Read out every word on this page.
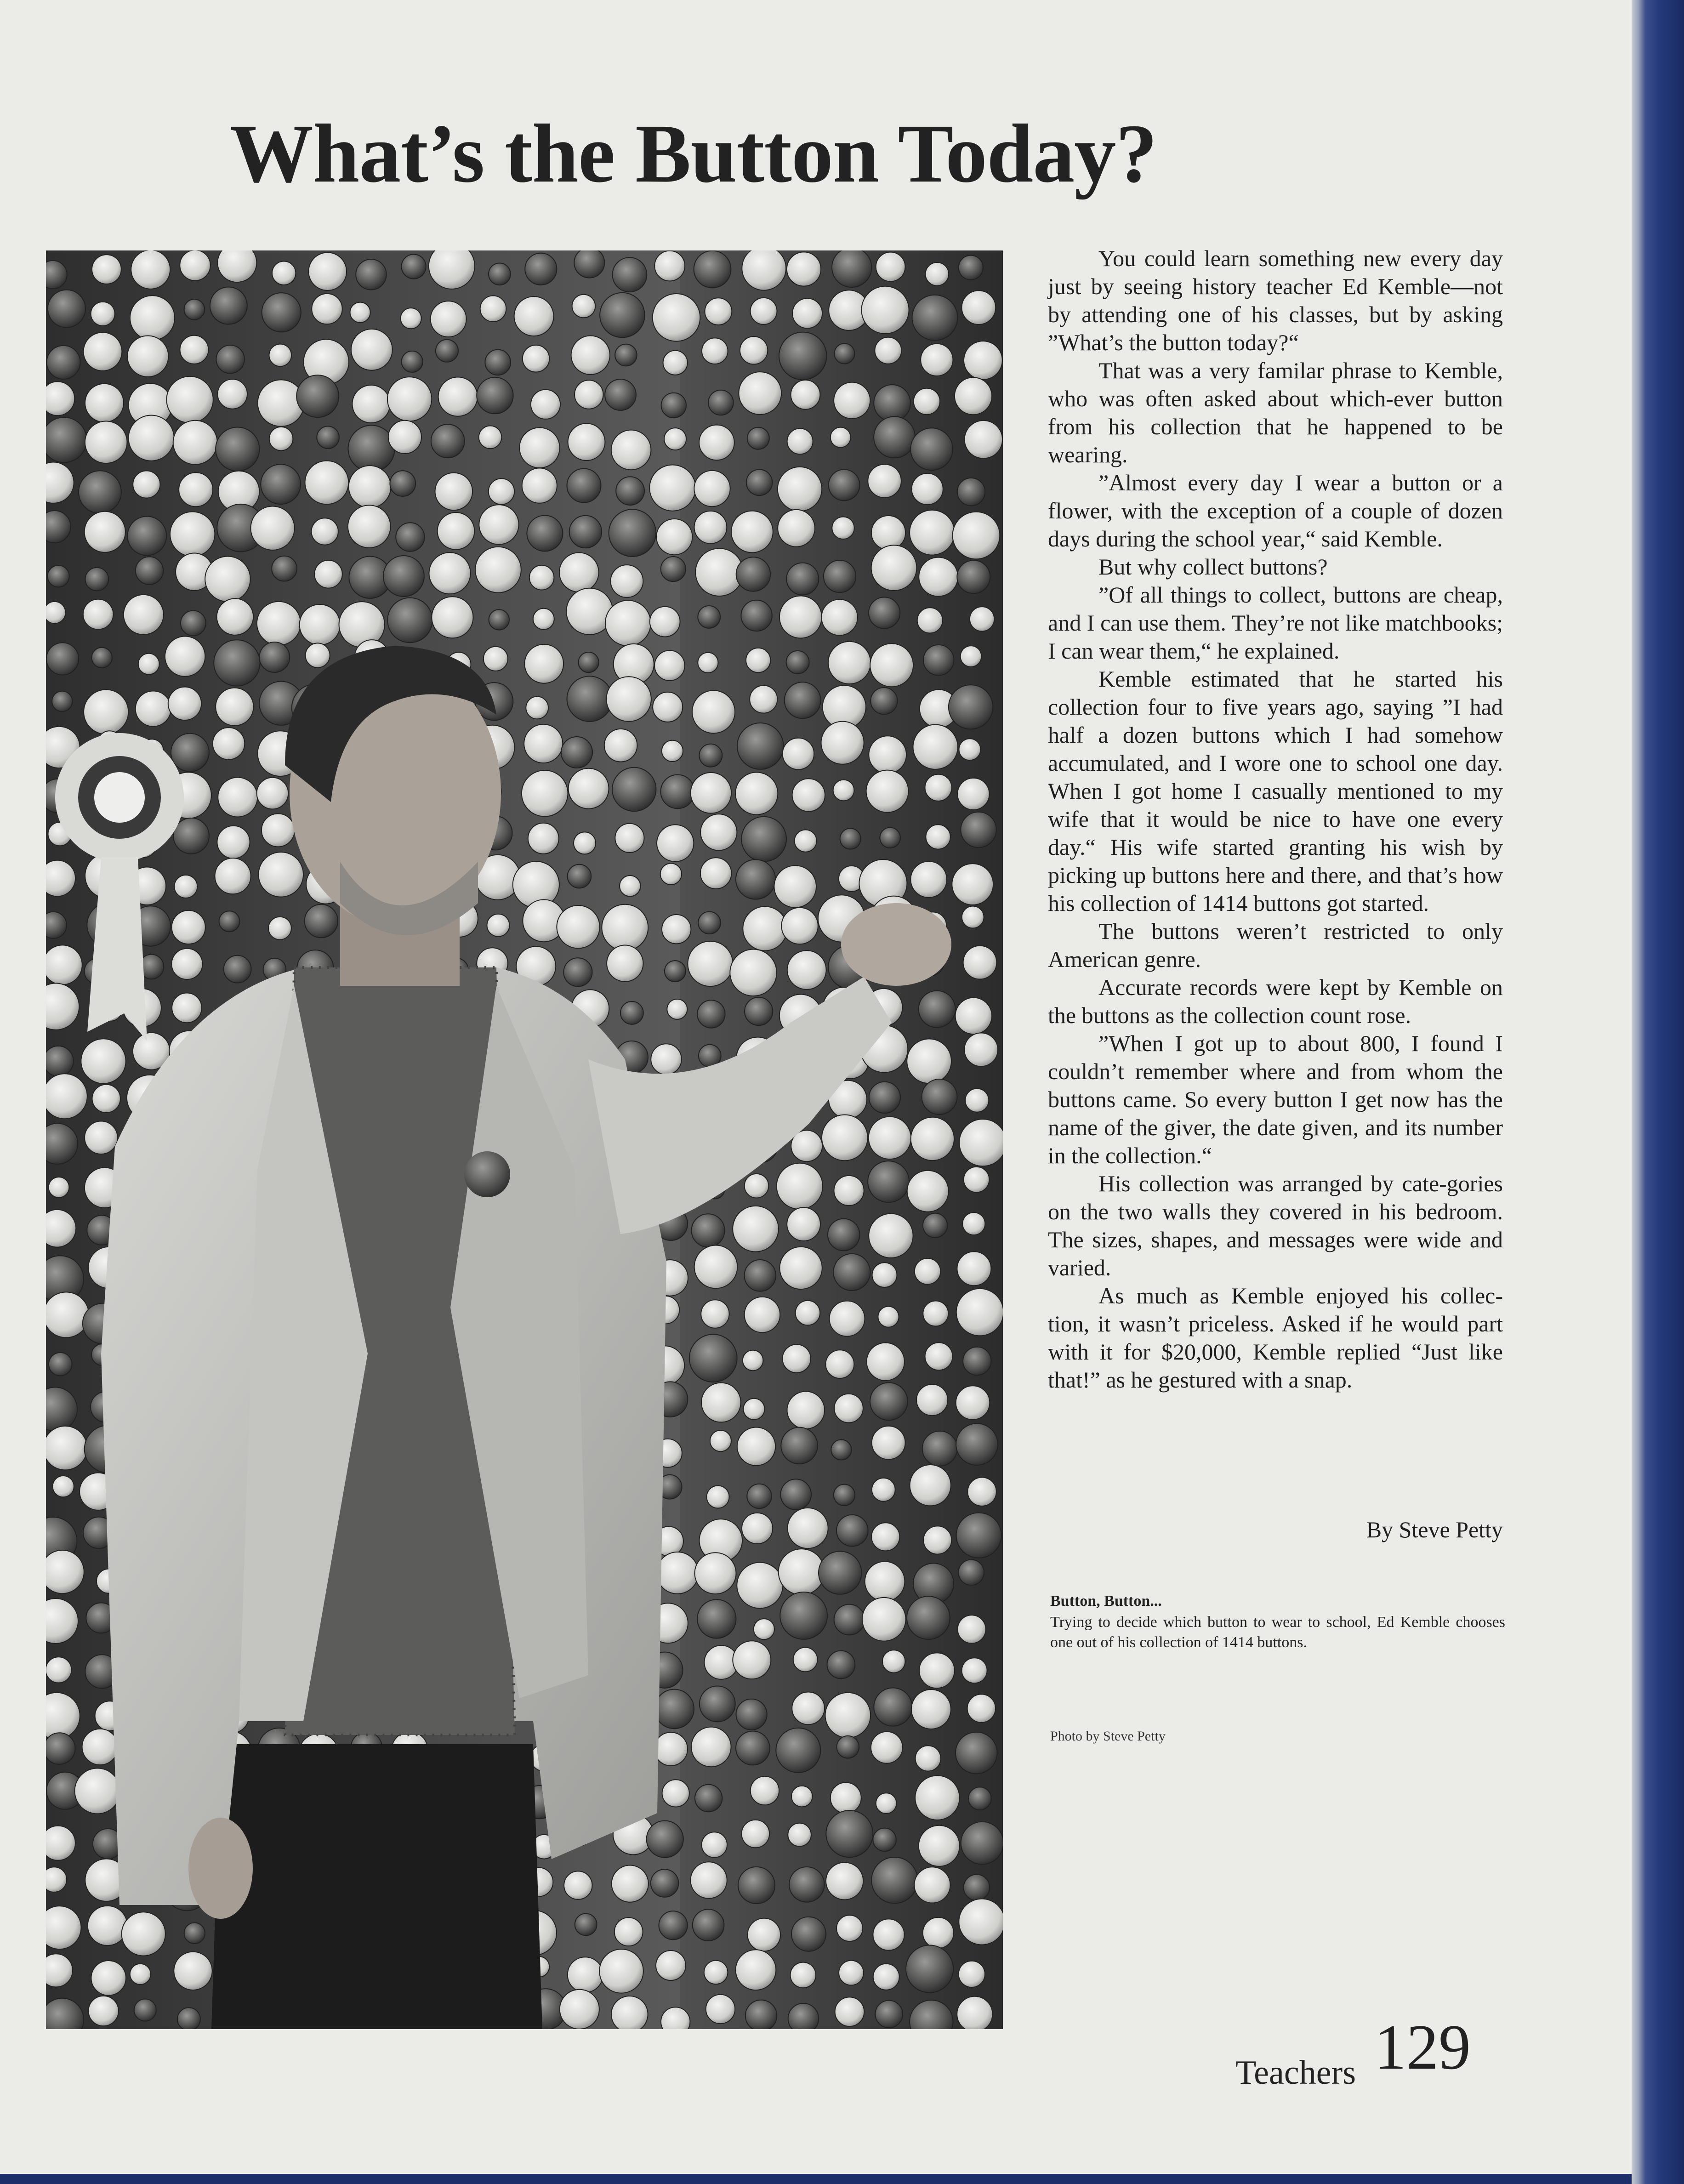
What’s the Button Today?

You could learn something new every day just by seeing history teacher Ed Kemble—not by attending one of his classes, but by asking ”What’s the button today?“

That was a very familar phrase to Kemble, who was often asked about which-ever button from his collection that he happened to be wearing.

”Almost every day I wear a button or a flower, with the exception of a couple of dozen days during the school year,“ said Kemble.

But why collect buttons?

”Of all things to collect, buttons are cheap, and I can use them. They’re not like matchbooks; I can wear them,“ he explained.

Kemble estimated that he started his collection four to five years ago, saying ”I had half a dozen buttons which I had somehow accumulated, and I wore one to school one day. When I got home I casually mentioned to my wife that it would be nice to have one every day.“ His wife started granting his wish by picking up buttons here and there, and that’s how his collection of 1414 buttons got started.

The buttons weren’t restricted to only American genre.

Accurate records were kept by Kemble on the buttons as the collection count rose.

”When I got up to about 800, I found I couldn’t remember where and from whom the buttons came. So every button I get now has the name of the giver, the date given, and its number in the collection.“

His collection was arranged by cate-gories on the two walls they covered in his bedroom. The sizes, shapes, and messages were wide and varied.

As much as Kemble enjoyed his collec-tion, it wasn’t priceless. Asked if he would part with it for $20,000, Kemble replied “Just like that!” as he gestured with a snap.

By Steve Petty
Button, Button...
Trying to decide which button to wear to school, Ed Kemble chooses one out of his collection of 1414 buttons.
Photo by Steve Petty
Teachers 129
